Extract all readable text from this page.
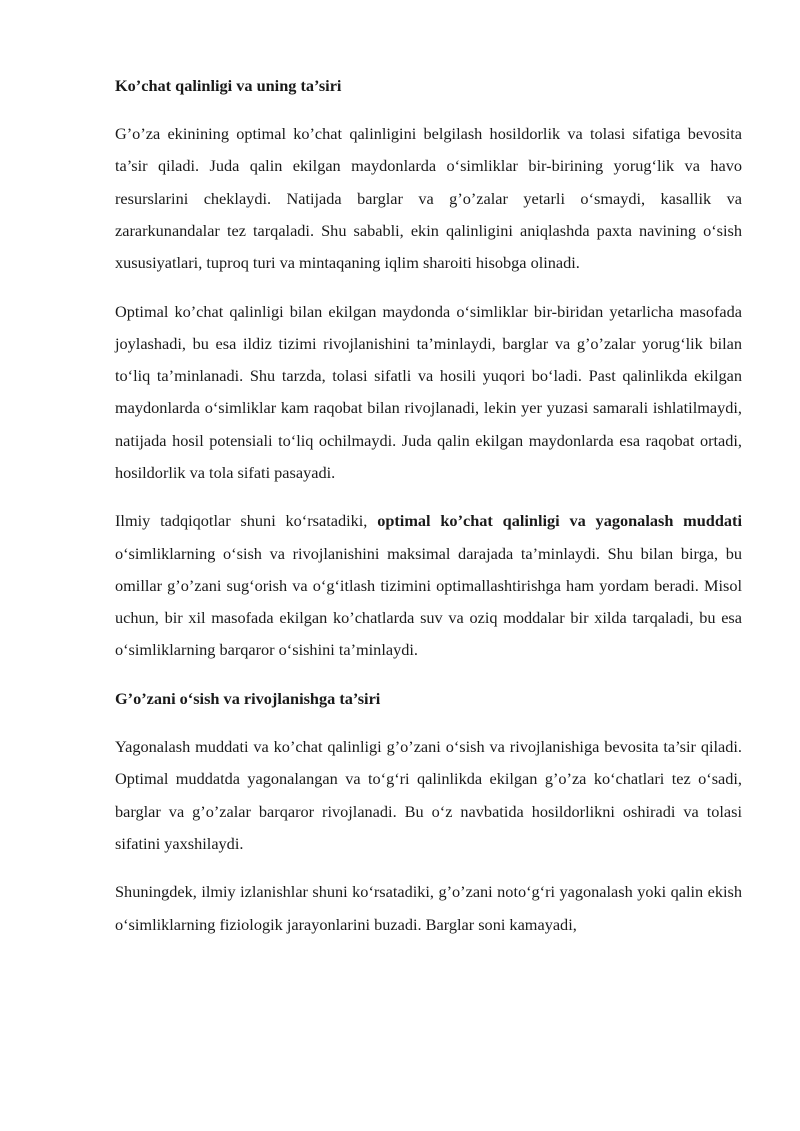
Ko’chat qalinligi va uning ta’siri

G’o’za ekinining optimal ko’chat qalinligini belgilash hosildorlik va tolasi sifatiga bevosita ta’sir qiladi. Juda qalin ekilgan maydonlarda o‘simliklar bir-birining yorug‘lik va havo resurslarini cheklaydi. Natijada barglar va g’o’zalar yetarli o‘smaydi, kasallik va zararkunandalar tez tarqaladi. Shu sababli, ekin qalinligini aniqlashda paxta navining o‘sish xususiyatlari, tuproq turi va mintaqaning iqlim sharoiti hisobga olinadi.

Optimal ko’chat qalinligi bilan ekilgan maydonda o‘simliklar bir-biridan yetarlicha masofada joylashadi, bu esa ildiz tizimi rivojlanishini ta’minlaydi, barglar va g’o’zalar yorug‘lik bilan to‘liq ta’minlanadi. Shu tarzda, tolasi sifatli va hosili yuqori bo‘ladi. Past qalinlikda ekilgan maydonlarda o‘simliklar kam raqobat bilan rivojlanadi, lekin yer yuzasi samarali ishlatilmaydi, natijada hosil potensiali to‘liq ochilmaydi. Juda qalin ekilgan maydonlarda esa raqobat ortadi, hosildorlik va tola sifati pasayadi.

Ilmiy tadqiqotlar shuni ko‘rsatadiki, optimal ko’chat qalinligi va yagonalash muddati o‘simliklarning o‘sish va rivojlanishini maksimal darajada ta’minlaydi. Shu bilan birga, bu omillar g’o’zani sug‘orish va o‘g‘itlash tizimini optimallashtirishga ham yordam beradi. Misol uchun, bir xil masofada ekilgan ko’chatlarda suv va oziq moddalar bir xilda tarqaladi, bu esa o‘simliklarning barqaror o‘sishini ta’minlaydi.

G’o’zani o‘sish va rivojlanishga ta’siri

Yagonalash muddati va ko’chat qalinligi g’o’zani o‘sish va rivojlanishiga bevosita ta’sir qiladi. Optimal muddatda yagonalangan va to‘g‘ri qalinlikda ekilgan g’o’za ko‘chatlari tez o‘sadi, barglar va g’o’zalar barqaror rivojlanadi. Bu o‘z navbatida hosildorlikni oshiradi va tolasi sifatini yaxshilaydi.

Shuningdek, ilmiy izlanishlar shuni ko‘rsatadiki, g’o’zani noto‘g‘ri yagonalash yoki qalin ekish o‘simliklarning fiziologik jarayonlarini buzadi. Barglar soni kamayadi,
